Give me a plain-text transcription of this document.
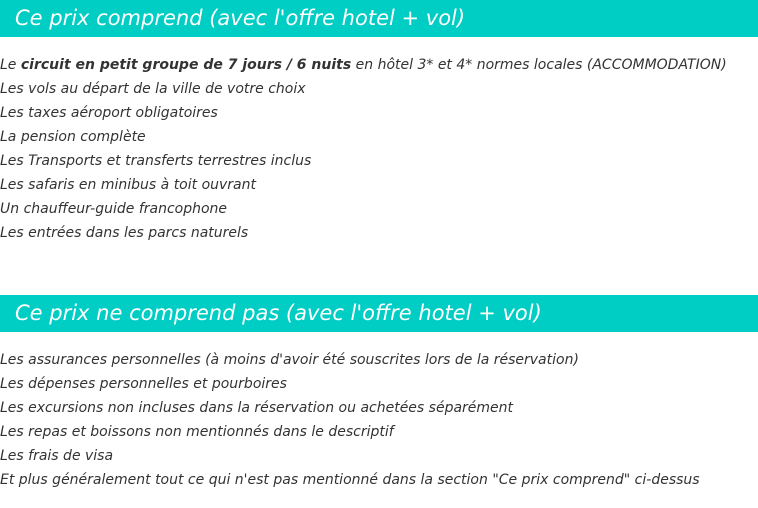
Ce prix comprend (avec l'offre hotel + vol)
Le circuit en petit groupe de 7 jours / 6 nuits en hôtel 3* et 4* normes locales (ACCOMMODATION)
Les vols au départ de la ville de votre choix
Les taxes aéroport obligatoires
La pension complète
Les Transports et transferts terrestres inclus
Les safaris en minibus à toit ouvrant
Un chauffeur-guide francophone
Les entrées dans les parcs naturels
Ce prix ne comprend pas (avec l'offre hotel + vol)
Les assurances personnelles (à moins d'avoir été souscrites lors de la réservation)
Les dépenses personnelles et pourboires
Les excursions non incluses dans la réservation ou achetées séparément
Les repas et boissons non mentionnés dans le descriptif
Les frais de visa
Et plus généralement tout ce qui n'est pas mentionné dans la section "Ce prix comprend" ci-dessus
